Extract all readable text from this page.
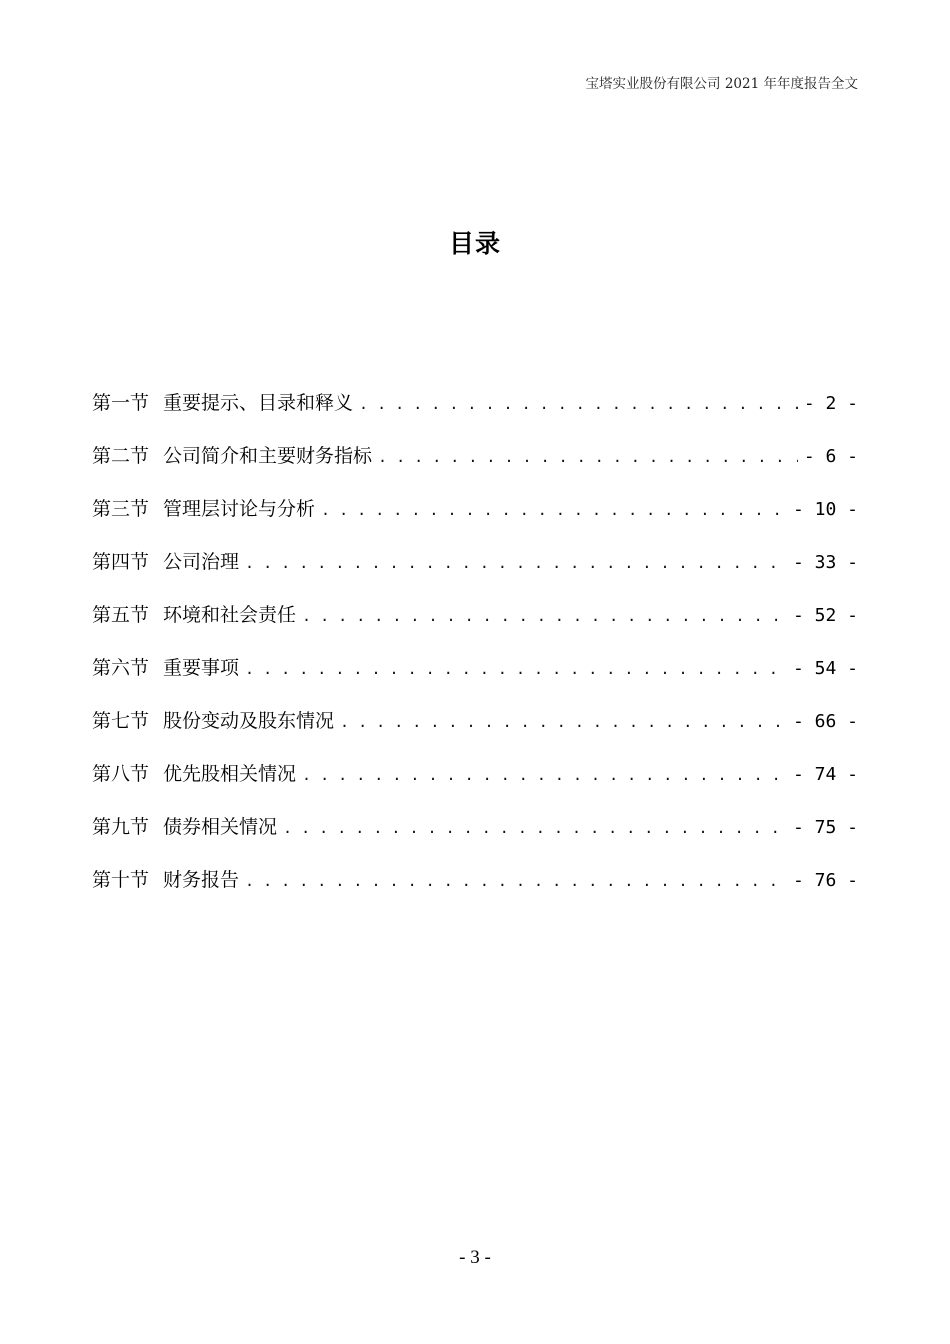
宝塔实业股份有限公司 2021 年年度报告全文
目录
第一节 重要提示、目录和释义 . . .	- 2 -
第二节 公司简介和主要财务指标 . . .	- 6 -
第三节 管理层讨论与分析 . . .	- 10 -
第四节 公司治理 . . .	- 33 -
第五节 环境和社会责任 . . .	- 52 -
第六节 重要事项 . . .	- 54 -
第七节 股份变动及股东情况 . . .	- 66 -
第八节 优先股相关情况 . . .	- 74 -
第九节 债券相关情况 . . .	- 75 -
第十节 财务报告 . . .	- 76 -
- 3 -
